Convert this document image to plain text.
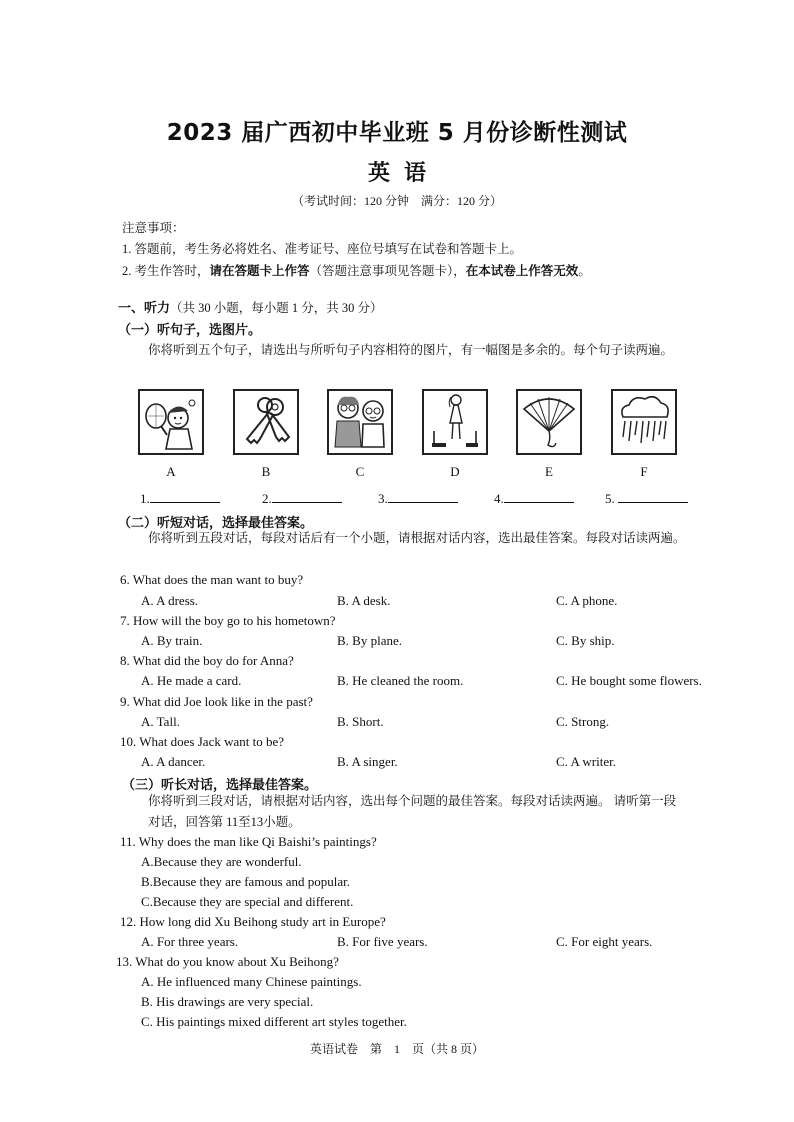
2023 届广西初中毕业班 5 月份诊断性测试
英语
（考试时间：120 分钟　满分：120 分）
注意事项：
1. 答题前，考生务必将姓名、准考证号、座位号填写在试卷和答题卡上。
2. 考生作答时，请在答题卡上作答（答题注意事项见答题卡），在本试卷上作答无效。
一、听力（共 30 小题，每小题 1 分，共 30 分）
（一）听句子，选图片。
你将听到五个句子，请选出与所听句子内容相符的图片，有一幅图是多余的。每个句子读两遍。
A	B	C	D	E	F
1.	2.	3.	4.	5.
（二）听短对话，选择最佳答案。
你将听到五段对话，每段对话后有一个小题，请根据对话内容，选出最佳答案。每段对话读两遍。
6. What does the man want to buy?
A. A dress.	B. A desk.	C. A phone.
7. How will the boy go to his hometown?
A. By train.	B. By plane.	C. By ship.
8. What did the boy do for Anna?
A. He made a card.	B. He cleaned the room.	C. He bought some flowers.
9. What did Joe look like in the past?
A. Tall.	B. Short.	C. Strong.
10. What does Jack want to be?
A. A dancer.	B. A singer.	C. A writer.
（三）听长对话，选择最佳答案。
你将听到三段对话，请根据对话内容，选出每个问题的最佳答案。每段对话读两遍。 请听第一段对话，回答第 11至13小题。
11. Why does the man like Qi Baishi’s paintings?
A.Because they are wonderful.
B.Because they are famous and popular.
C.Because they are special and different.
12. How long did Xu Beihong study art in Europe?
A. For three years.	B. For five years.	C. For eight years.
13. What do you know about Xu Beihong?
A. He influenced many Chinese paintings.
B. His drawings are very special.
C. His paintings mixed different art styles together.
英语试卷　第　1　页（共 8 页）
